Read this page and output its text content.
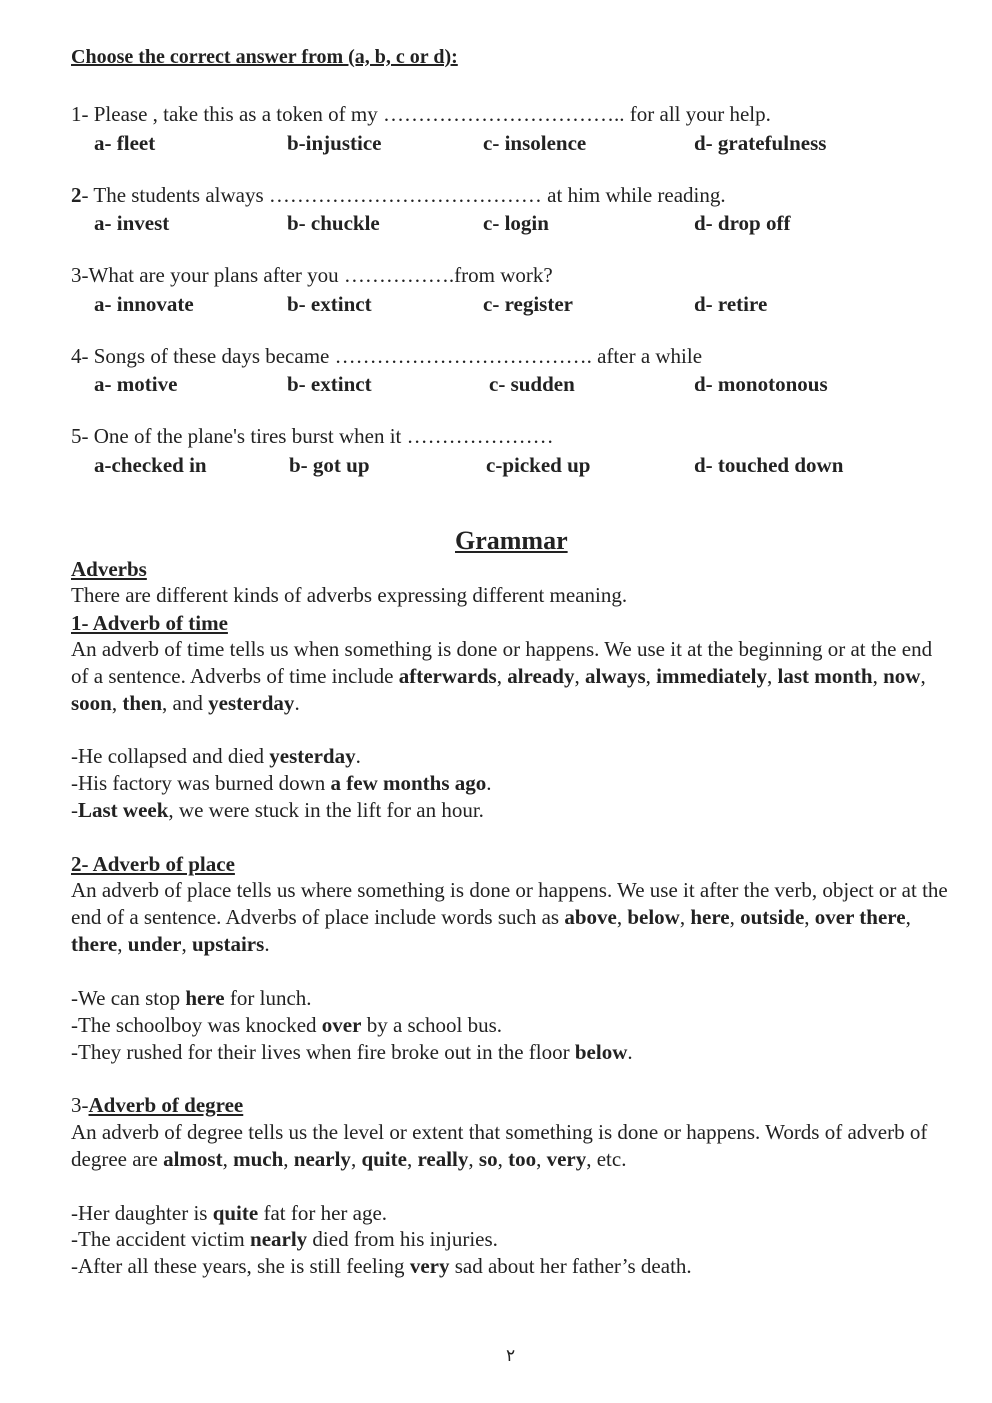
Choose the correct answer from (a, b, c or d):
1- Please , take this as a token of my …………………………….. for all your help.
a- fleet	b-injustice	c- insolence	d- gratefulness
2- The students always ………………………………… at him while reading.
a- invest	b- chuckle	c- login	d- drop off
3-What are your plans after you …………….from work?
a- innovate	b- extinct	c- register	d- retire
4- Songs of these days became ………………………………. after a while
a- motive	b- extinct	c- sudden	d- monotonous
5- One of the plane's tires burst when it …………………
a-checked in	b- got up	c-picked up	d- touched down
Grammar
Adverbs
There are different kinds of adverbs expressing different meaning.
1- Adverb of time
An adverb of time tells us when something is done or happens. We use it at the beginning or at the end of a sentence. Adverbs of time include afterwards, already, always, immediately, last month, now, soon, then, and yesterday.
-He collapsed and died yesterday.
-His factory was burned down a few months ago.
-Last week, we were stuck in the lift for an hour.
2- Adverb of place
An adverb of place tells us where something is done or happens. We use it after the verb, object or at the end of a sentence. Adverbs of place include words such as above, below, here, outside, over there, there, under, upstairs.
-We can stop here for lunch.
-The schoolboy was knocked over by a school bus.
-They rushed for their lives when fire broke out in the floor below.
3-Adverb of degree
An adverb of degree tells us the level or extent that something is done or happens. Words of adverb of degree are almost, much, nearly, quite, really, so, too, very, etc.
-Her daughter is quite fat for her age.
-The accident victim nearly died from his injuries.
-After all these years, she is still feeling very sad about her father’s death.
٢
